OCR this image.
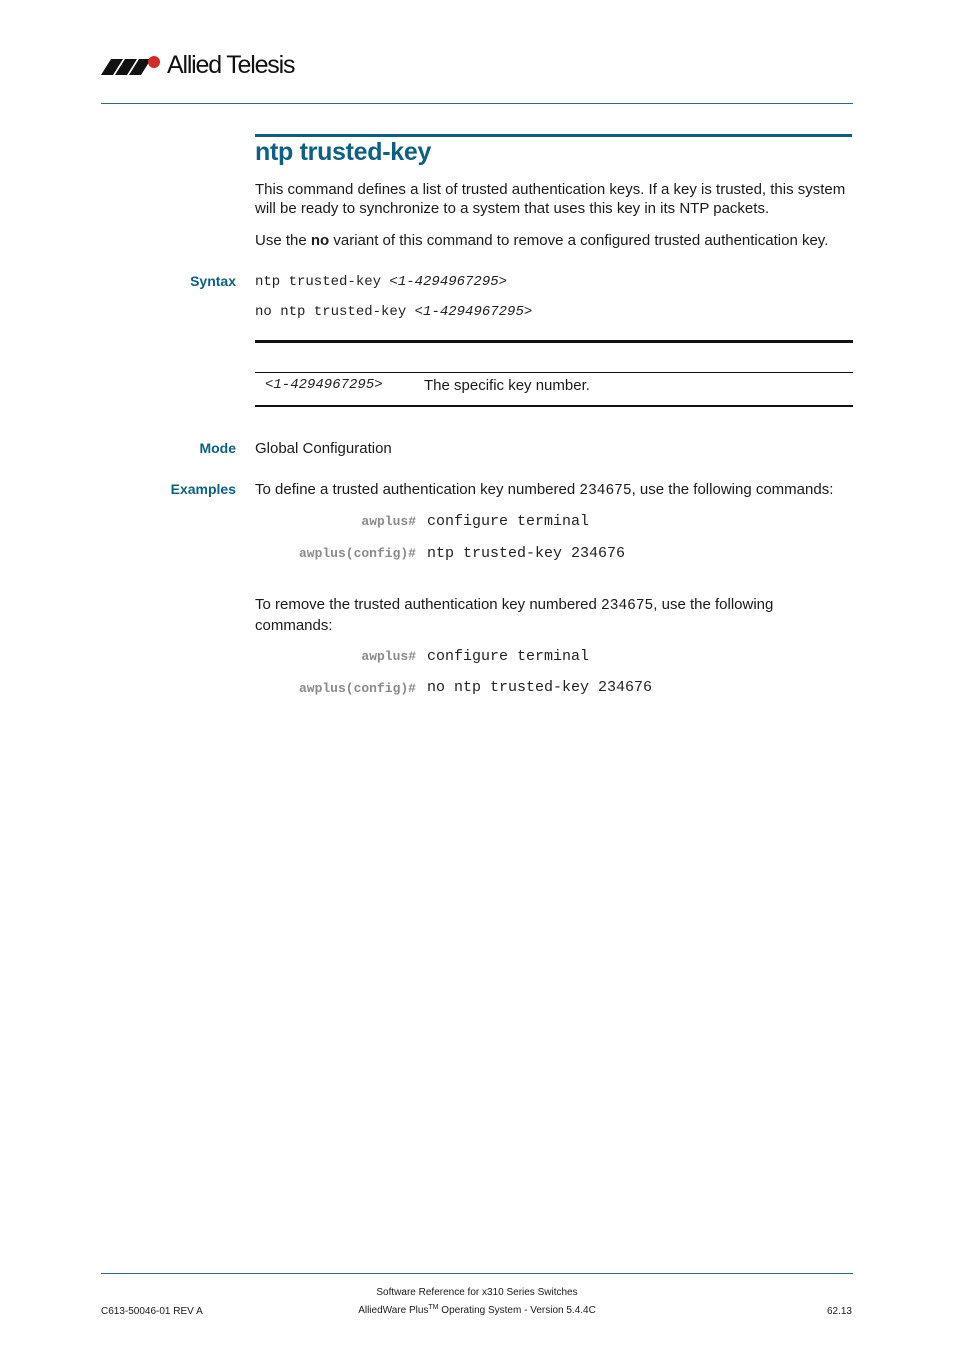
Allied Telesis
ntp trusted-key
This command defines a list of trusted authentication keys. If a key is trusted, this system will be ready to synchronize to a system that uses this key in its NTP packets.
Use the no variant of this command to remove a configured trusted authentication key.
Syntax ntp trusted-key <1-4294967295>
no ntp trusted-key <1-4294967295>
<1-4294967295>	The specific key number.
Mode Global Configuration
Examples To define a trusted authentication key numbered 234675, use the following commands:
awplus# configure terminal
awplus(config)# ntp trusted-key 234676
To remove the trusted authentication key numbered 234675, use the following commands:
awplus# configure terminal
awplus(config)# no ntp trusted-key 234676
Software Reference for x310 Series Switches
AlliedWare Plus™ Operating System - Version 5.4.4C
C613-50046-01 REV A	62.13
